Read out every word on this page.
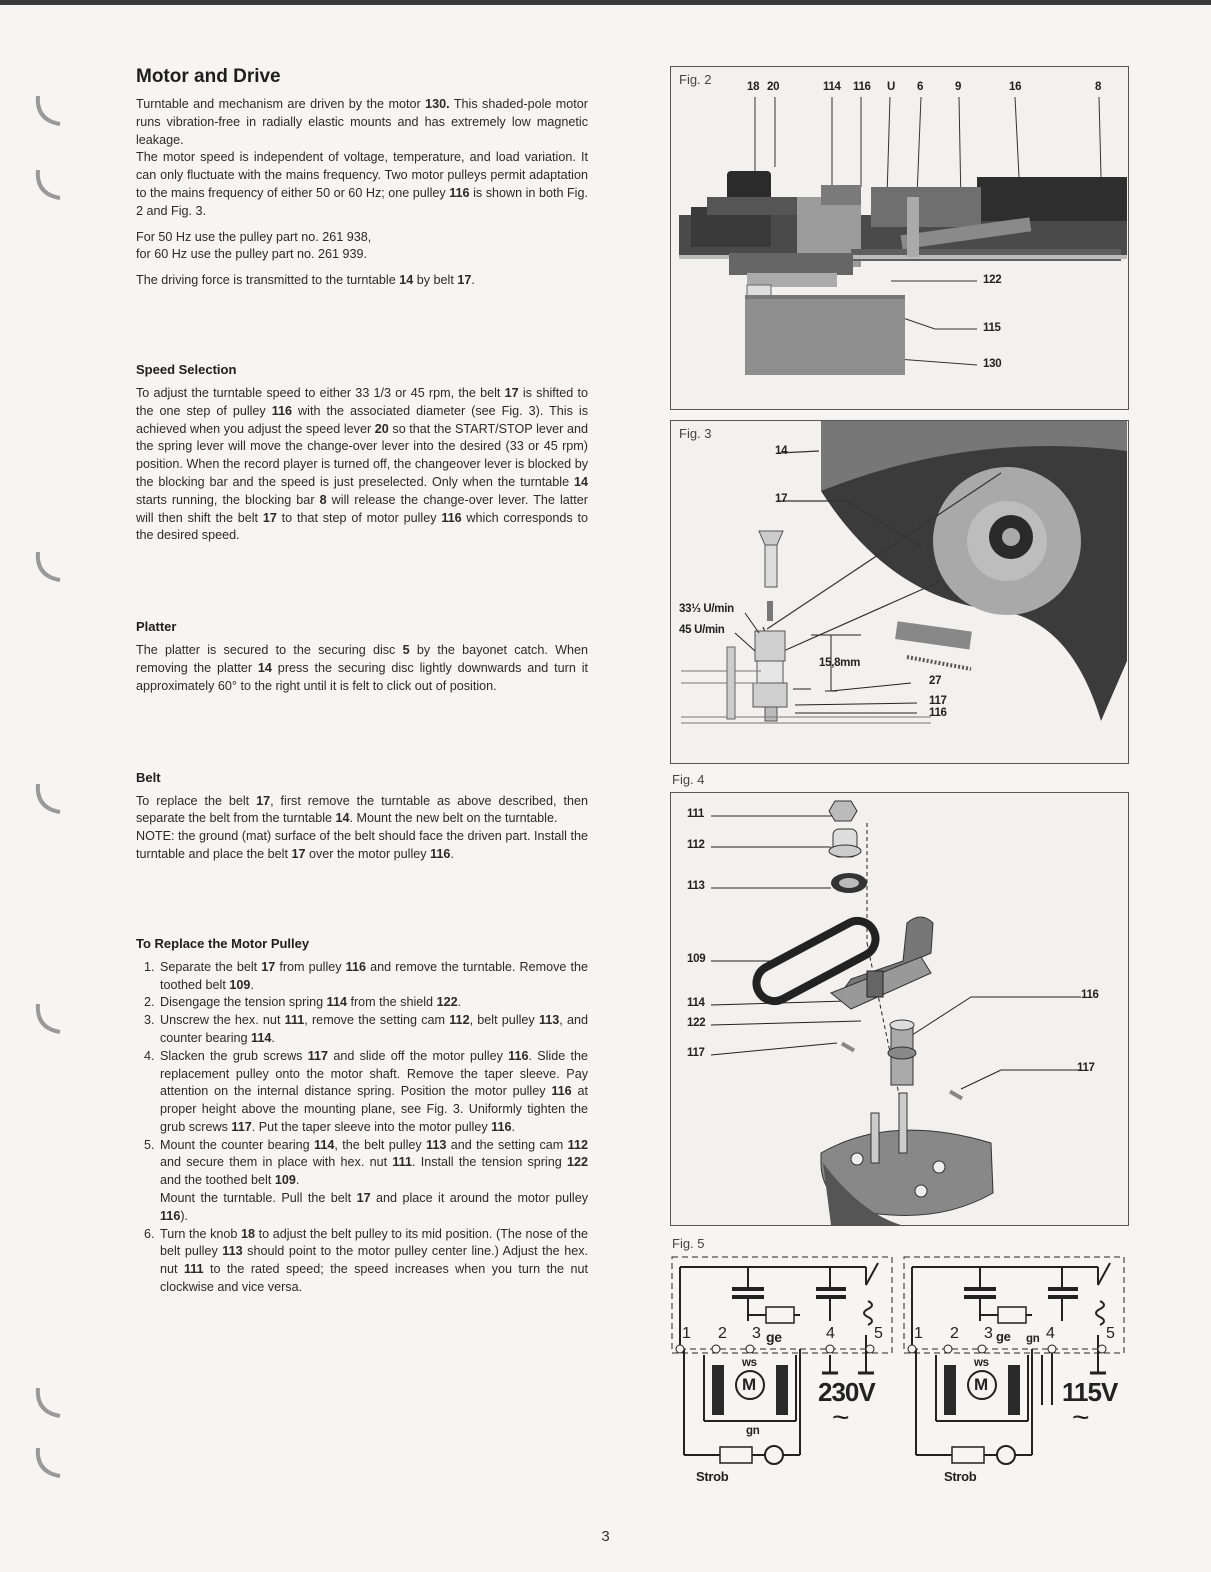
Motor and Drive

Turntable and mechanism are driven by the motor 130. This shaded-pole motor runs vibration-free in radially elastic mounts and has extremely low magnetic leakage.
The motor speed is independent of voltage, temperature, and load variation. It can only fluctuate with the mains frequency. Two motor pulleys permit adaptation to the mains frequency of either 50 or 60 Hz; one pulley 116 is shown in both Fig. 2 and Fig. 3.

For 50 Hz use the pulley part no. 261 938,
for 60 Hz use the pulley part no. 261 939.

The driving force is transmitted to the turntable 14 by belt 17.

Speed Selection

To adjust the turntable speed to either 33 1/3 or 45 rpm, the belt 17 is shifted to the one step of pulley 116 with the associated diameter (see Fig. 3). This is achieved when you adjust the speed lever 20 so that the START/STOP lever and the spring lever will move the change-over lever into the desired (33 or 45 rpm) position. When the record player is turned off, the changeover lever is blocked by the blocking bar and the speed is just preselected. Only when the turntable 14 starts running, the blocking bar 8 will release the change-over lever. The latter will then shift the belt 17 to that step of motor pulley 116 which corresponds to the desired speed.

Platter

The platter is secured to the securing disc 5 by the bayonet catch. When removing the platter 14 press the securing disc lightly downwards and turn it approximately 60° to the right until it is felt to click out of position.

Belt

To replace the belt 17, first remove the turntable as above described, then separate the belt from the turntable 14. Mount the new belt on the turntable.
NOTE: the ground (mat) surface of the belt should face the driven part. Install the turntable and place the belt 17 over the motor pulley 116.

To Replace the Motor Pulley
1. Separate the belt 17 from pulley 116 and remove the turntable. Remove the toothed belt 109.
2. Disengage the tension spring 114 from the shield 122.
3. Unscrew the hex. nut 111, remove the setting cam 112, belt pulley 113, and counter bearing 114.
4. Slacken the grub screws 117 and slide off the motor pulley 116. Slide the replacement pulley onto the motor shaft. Remove the taper sleeve. Pay attention on the internal distance spring. Position the motor pulley 116 at proper height above the mounting plane, see Fig. 3. Uniformly tighten the grub screws 117. Put the taper sleeve into the motor pulley 116.
5. Mount the counter bearing 114, the belt pulley 113 and the setting cam 112 and secure them in place with hex. nut 111. Install the tension spring 122 and the toothed belt 109.
Mount the turntable. Pull the belt 17 and place it around the motor pulley 116).
6. Turn the knob 18 to adjust the belt pulley to its mid position. (The nose of the belt pulley 113 should point to the motor pulley center line.) Adjust the hex. nut 111 to the rated speed; the speed increases when you turn the nut clockwise and vice versa.
Fig. 2	18 20	114 116 U 6	9	16	8
122
115
130
Fig. 3
14
17
33⅓ U/min
45 U/min
15,8mm
27
117
116
Fig. 4
111
112
113
109
114
122
117
116
117
Fig. 5
1 2 3	4 5
ge
ws
M
gn
230V
~
Strob
1 2 3	4	5
ge gn
ws
M	115V
~
Strob
3
